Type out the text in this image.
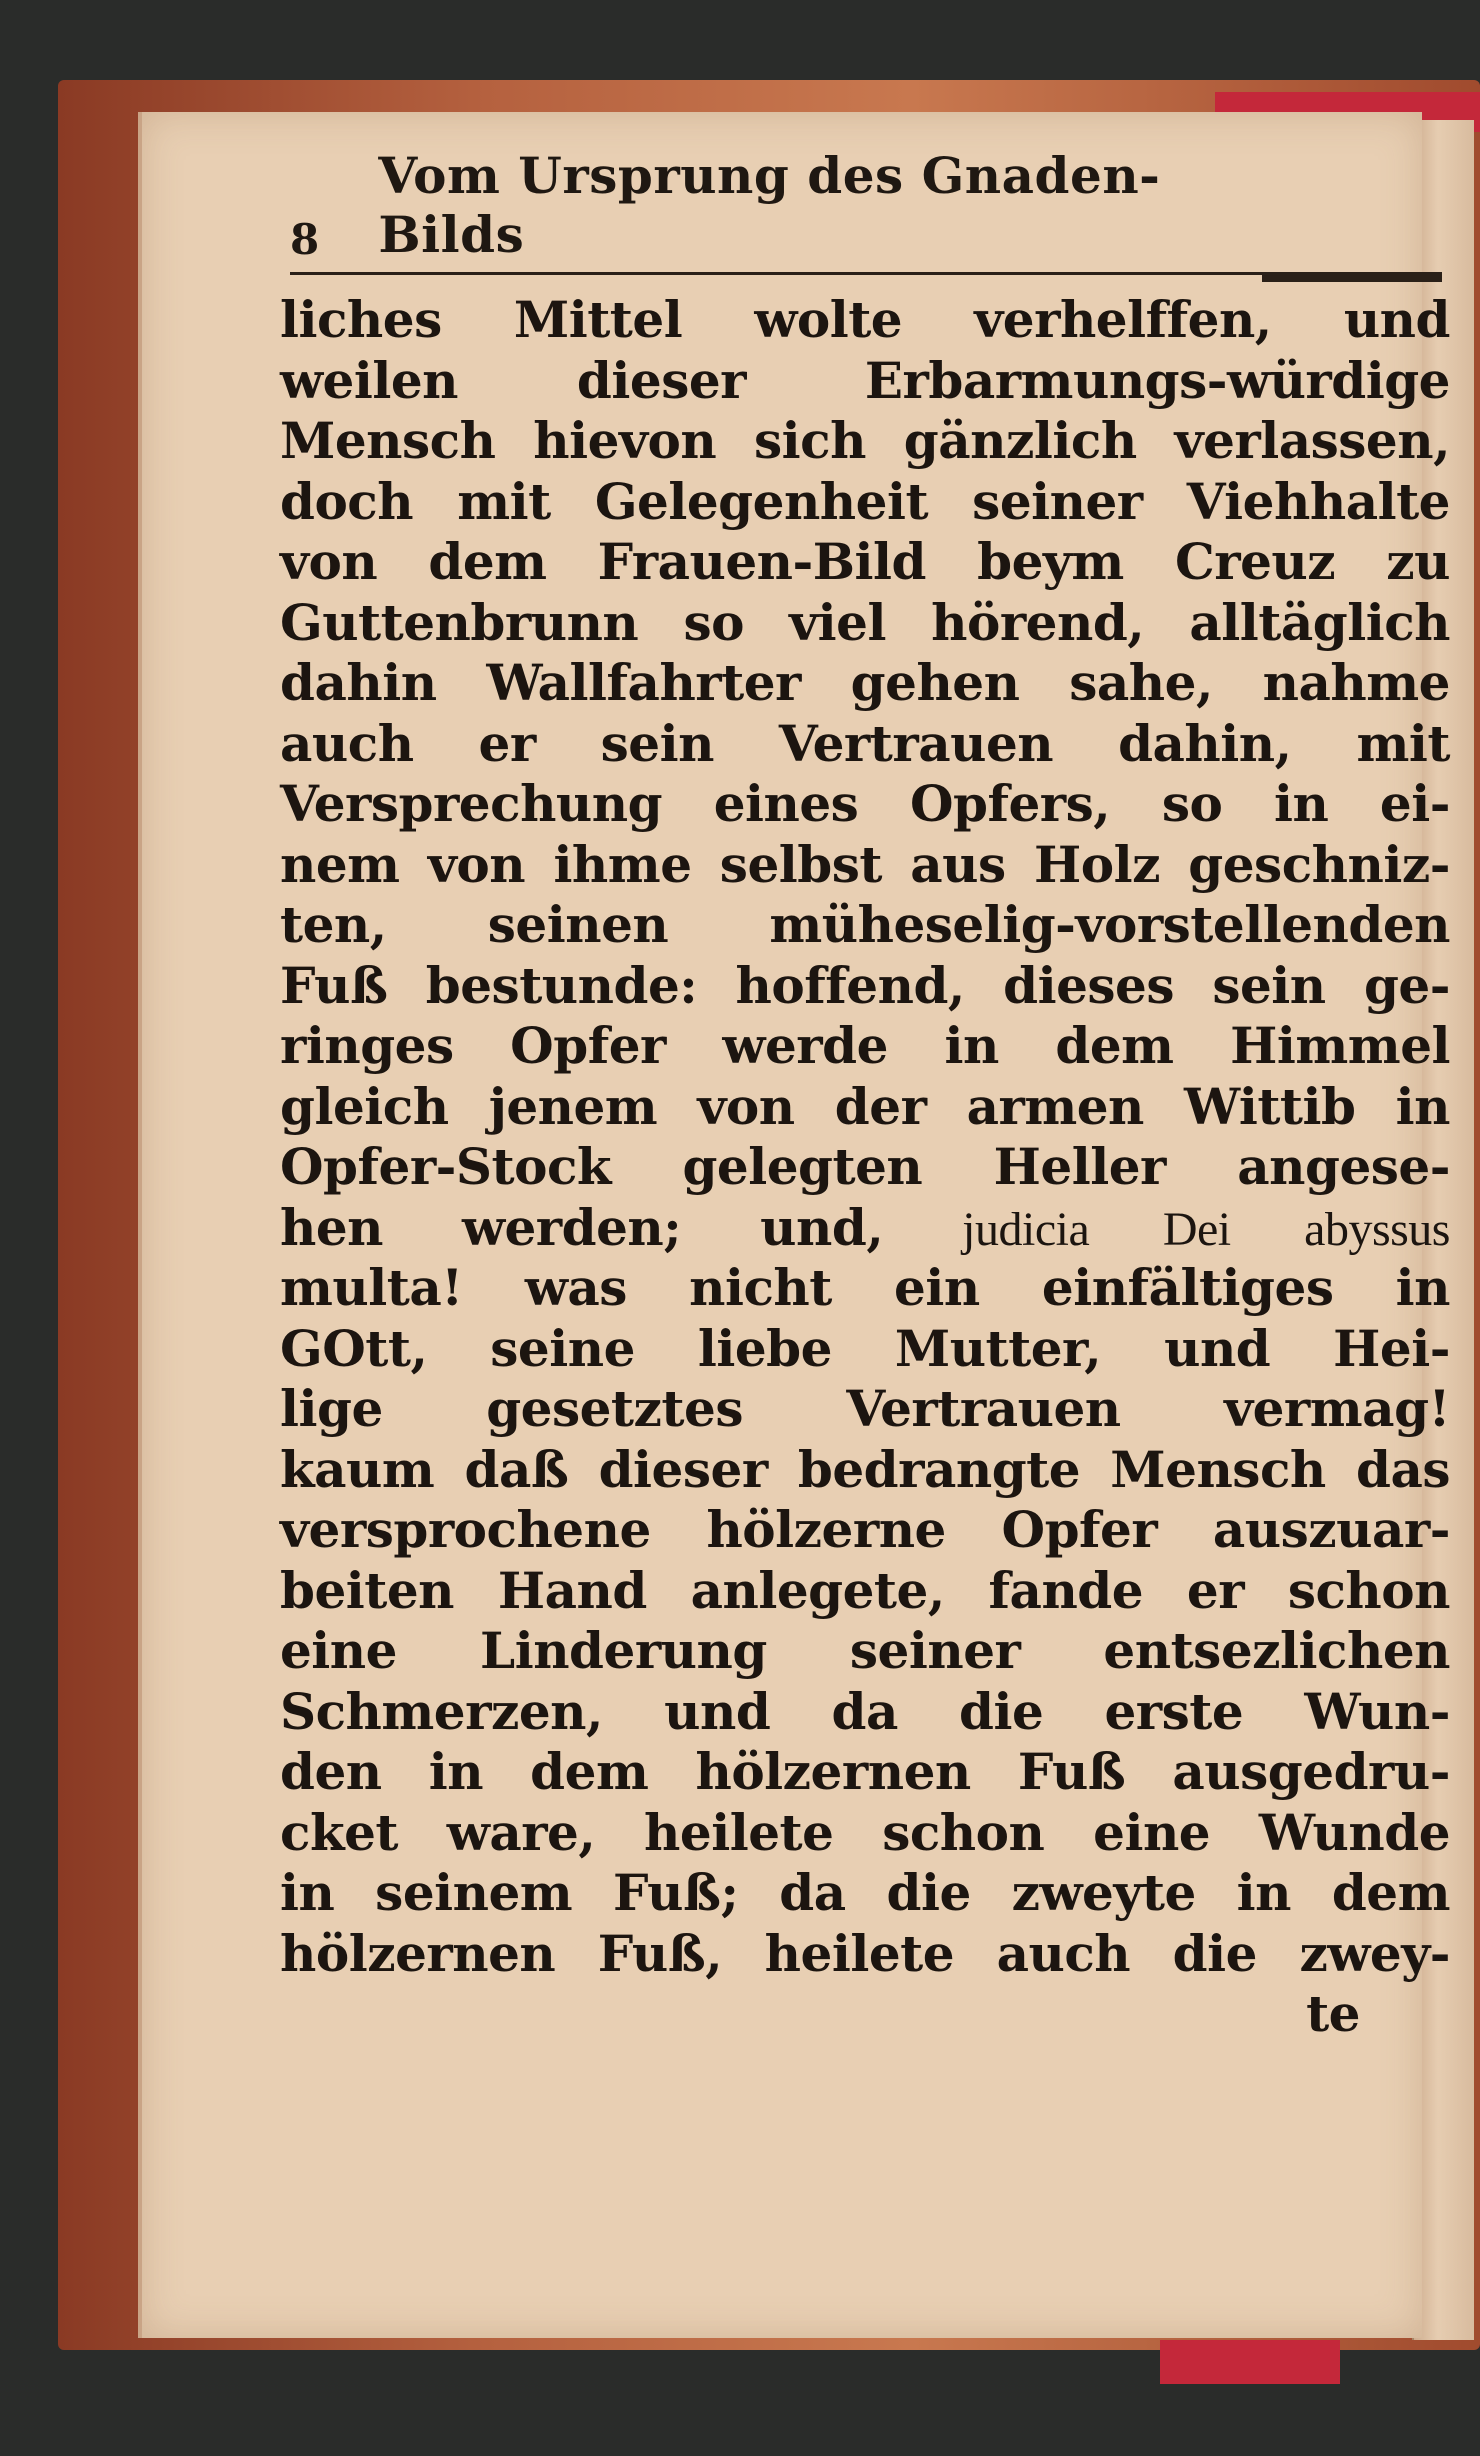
8
Vom Ursprung des Gnaden-Bilds
liches Mittel wolte verhelffen, und
weilen dieser Erbarmungs-würdige
Mensch hievon sich gänzlich verlassen,
doch mit Gelegenheit seiner Viehhalte
von dem Frauen-Bild beym Creuz zu
Guttenbrunn so viel hörend, alltäglich
dahin Wallfahrter gehen sahe, nahme
auch er sein Vertrauen dahin, mit
Versprechung eines Opfers, so in ei-
nem von ihme selbst aus Holz geschniz-
ten, seinen müheselig-vorstellenden
Fuß bestunde: hoffend, dieses sein ge-
ringes Opfer werde in dem Himmel
gleich jenem von der armen Wittib in
Opfer-Stock gelegten Heller angese-
hen werden; und, judicia Dei abyssus
multa! was nicht ein einfältiges in
GOtt, seine liebe Mutter, und Hei-
lige gesetztes Vertrauen vermag!
kaum daß dieser bedrangte Mensch das
versprochene hölzerne Opfer auszuar-
beiten Hand anlegete, fande er schon
eine Linderung seiner entsezlichen
Schmerzen, und da die erste Wun-
den in dem hölzernen Fuß ausgedru-
cket ware, heilete schon eine Wunde
in seinem Fuß; da die zweyte in dem
hölzernen Fuß, heilete auch die zwey-
te
